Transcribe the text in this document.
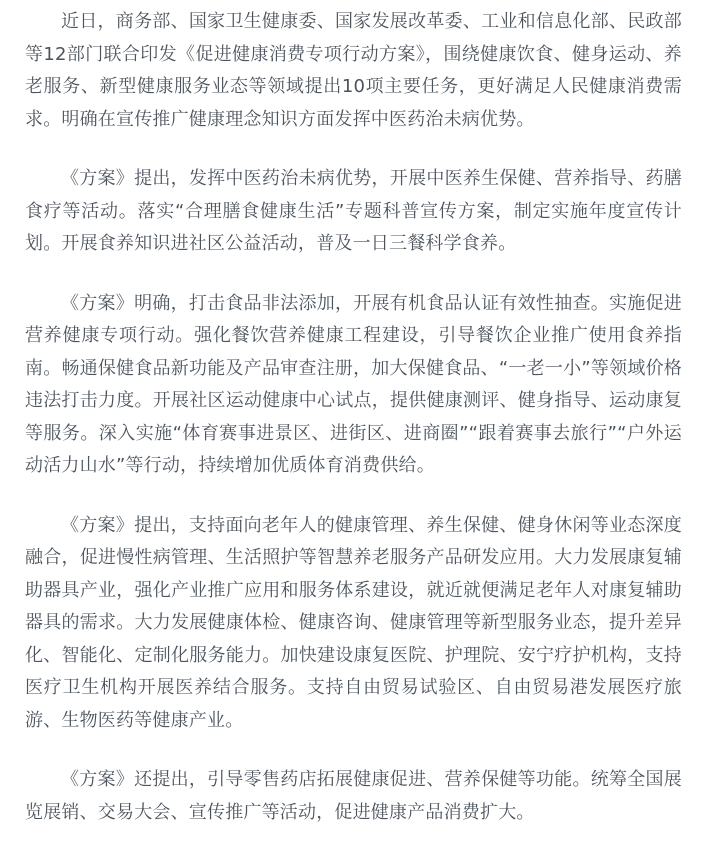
近日，商务部、国家卫生健康委、国家发展改革委、工业和信息化部、民政部等12部门联合印发《促进健康消费专项行动方案》，围绕健康饮食、健身运动、养老服务、新型健康服务业态等领域提出10项主要任务，更好满足人民健康消费需求。明确在宣传推广健康理念知识方面发挥中医药治未病优势。

《方案》提出，发挥中医药治未病优势，开展中医养生保健、营养指导、药膳食疗等活动。落实“合理膳食健康生活”专题科普宣传方案，制定实施年度宣传计划。开展食养知识进社区公益活动，普及一日三餐科学食养。

《方案》明确，打击食品非法添加，开展有机食品认证有效性抽查。实施促进营养健康专项行动。强化餐饮营养健康工程建设，引导餐饮企业推广使用食养指南。畅通保健食品新功能及产品审查注册，加大保健食品、“一老一小”等领域价格违法打击力度。开展社区运动健康中心试点，提供健康测评、健身指导、运动康复等服务。深入实施“体育赛事进景区、进街区、进商圈”“跟着赛事去旅行”“户外运动活力山水”等行动，持续增加优质体育消费供给。

《方案》提出，支持面向老年人的健康管理、养生保健、健身休闲等业态深度融合，促进慢性病管理、生活照护等智慧养老服务产品研发应用。大力发展康复辅助器具产业，强化产业推广应用和服务体系建设，就近就便满足老年人对康复辅助器具的需求。大力发展健康体检、健康咨询、健康管理等新型服务业态，提升差异化、智能化、定制化服务能力。加快建设康复医院、护理院、安宁疗护机构，支持医疗卫生机构开展医养结合服务。支持自由贸易试验区、自由贸易港发展医疗旅游、生物医药等健康产业。

《方案》还提出，引导零售药店拓展健康促进、营养保健等功能。统筹全国展览展销、交易大会、宣传推广等活动，促进健康产品消费扩大。
